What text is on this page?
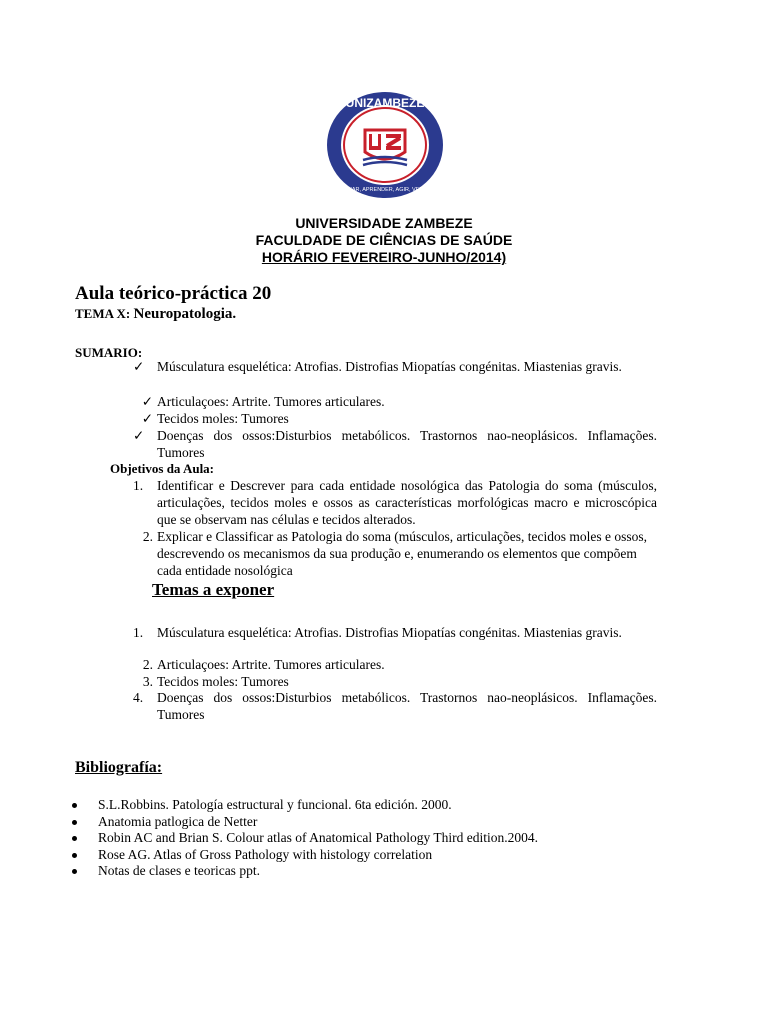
UNIZAMBEZE
ENSINAR, APRENDER, AGIR, VENCER
UNIVERSIDADE ZAMBEZE
FACULDADE DE CIÊNCIAS DE SAÚDE
HORÁRIO FEVEREIRO-JUNHO/2014)
Aula teórico-práctica 20
TEMA X: Neuropatologia.
SUMARIO:
✓ Músculatura esquelética: Atrofias. Distrofias Miopatías congénitas. Miastenias gravis.
✓ Articulaçoes: Artrite. Tumores articulares.
✓ Tecidos moles: Tumores
✓ Doenças dos ossos:Disturbios metabólicos. Trastornos nao-neoplásicos. Inflamações. Tumores
Objetivos da Aula:
1.	Identificar e Descrever para cada entidade nosológica das Patologia do soma (músculos, articulações, tecidos moles e ossos as características morfológicas macro e microscópica que se observam nas células e tecidos alterados.
2. Explicar e Classificar as Patologia do soma (músculos, articulações, tecidos moles e ossos, descrevendo os mecanismos da sua produção e, enumerando os elementos que compõem cada entidade nosológica
Temas a exponer
1.	Músculatura esquelética: Atrofias. Distrofias Miopatías congénitas. Miastenias gravis.
2. Articulaçoes: Artrite. Tumores articulares.
3. Tecidos moles: Tumores
4.	Doenças dos ossos:Disturbios metabólicos. Trastornos nao-neoplásicos. Inflamações. Tumores
Bibliografía:
S.L.Robbins. Patología estructural y funcional. 6ta edición. 2000.
Anatomia patlogica de Netter
Robin AC and Brian S. Colour atlas of Anatomical Pathology Third edition.2004.
Rose AG. Atlas of Gross Pathology with histology correlation
Notas de clases e teoricas ppt.
